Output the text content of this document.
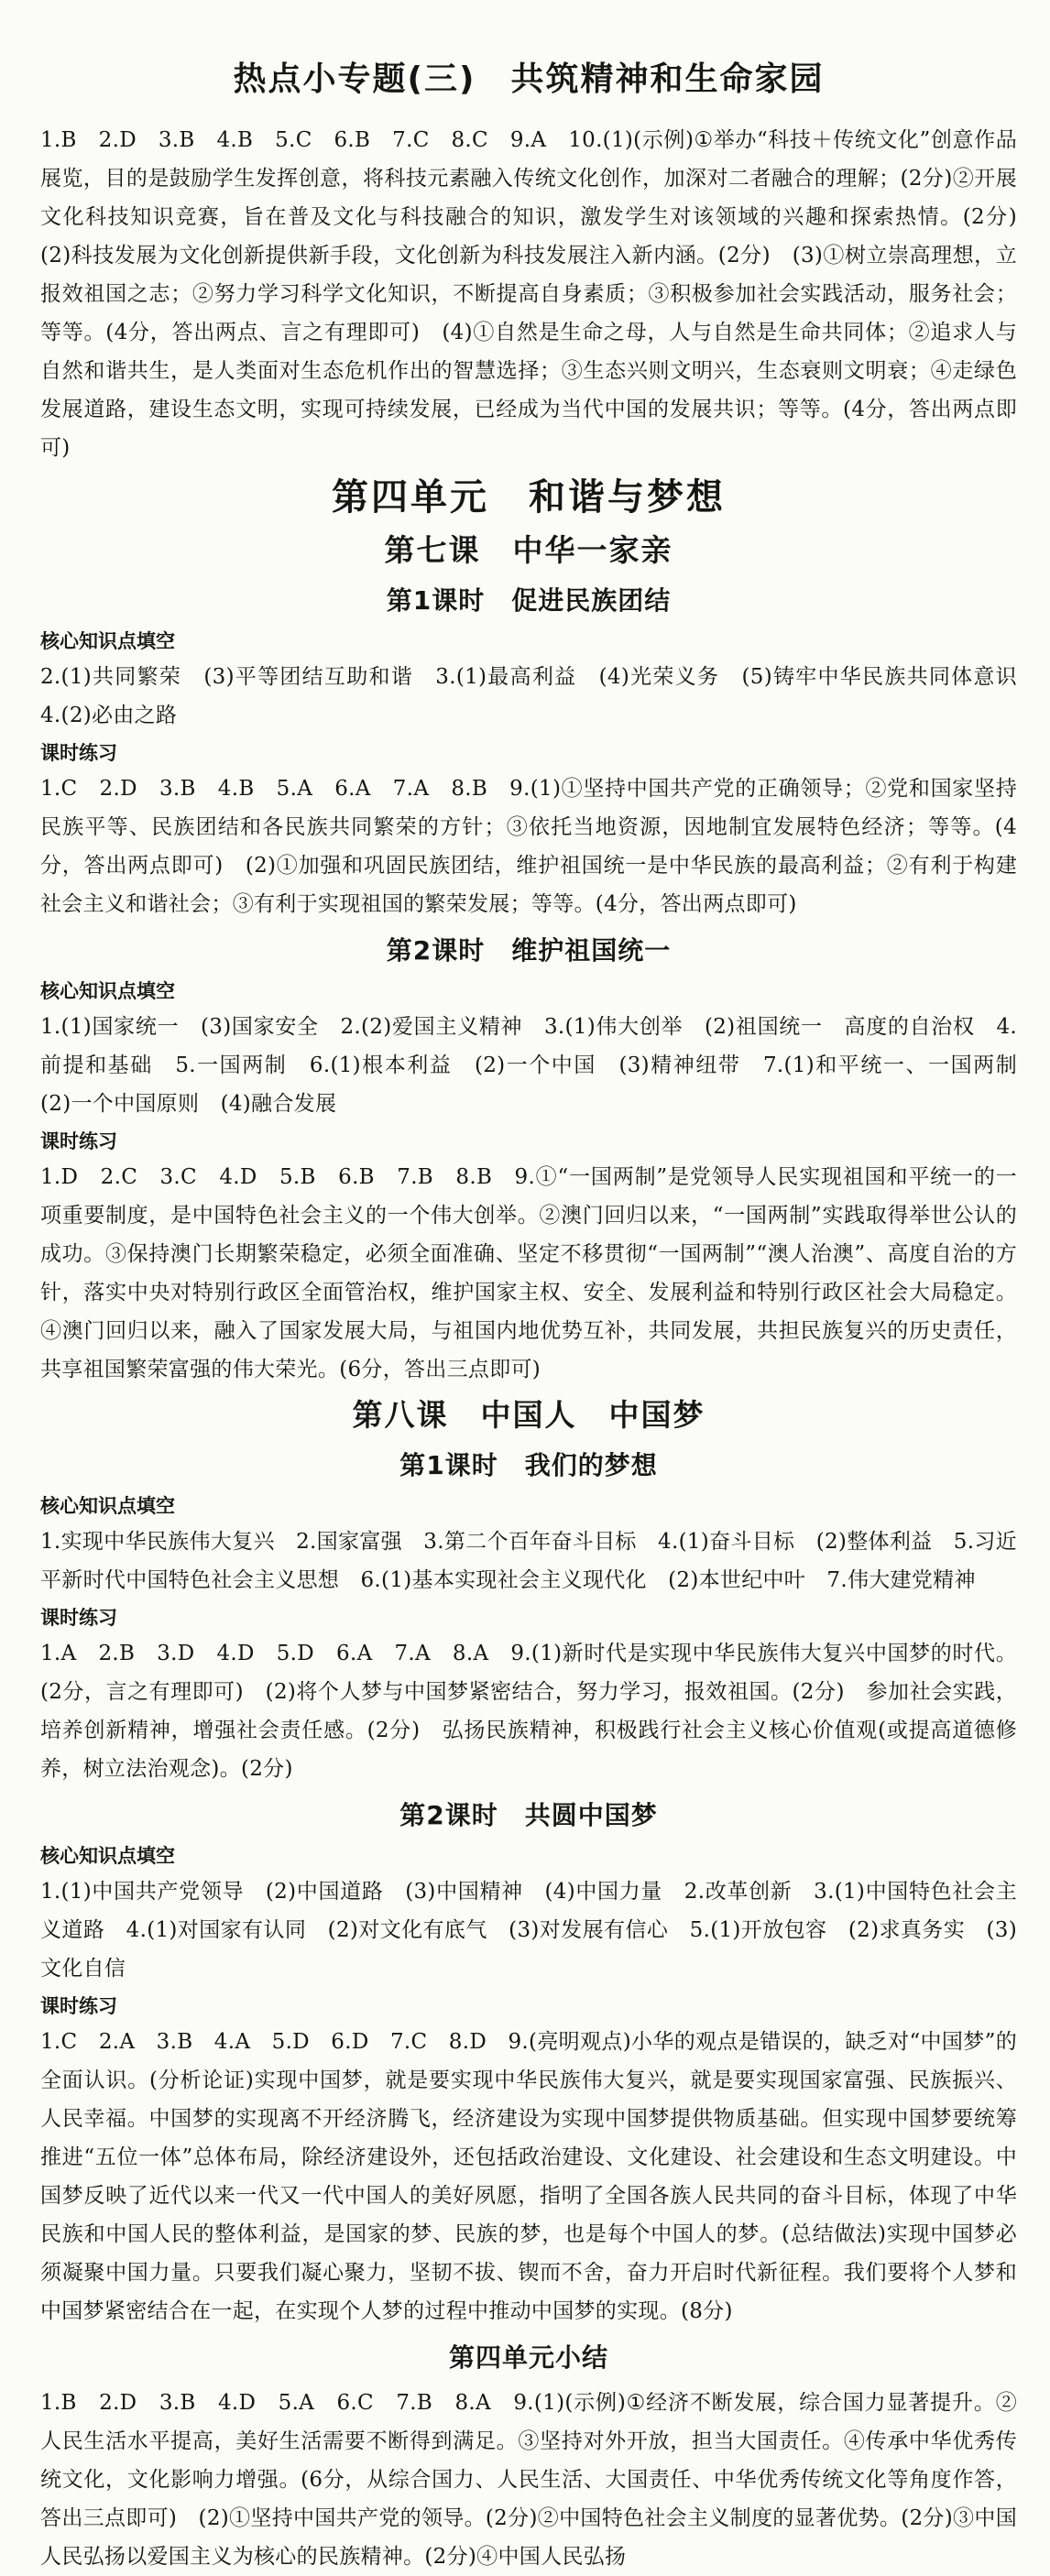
热点小专题(三)　共筑精神和生命家园

1.B　2.D　3.B　4.B　5.C　6.B　7.C　8.C　9.A　10.(1)(示例)①举办“科技＋传统文化”创意作品展览，目的是鼓励学生发挥创意，将科技元素融入传统文化创作，加深对二者融合的理解；(2分)②开展文化科技知识竞赛，旨在普及文化与科技融合的知识，激发学生对该领域的兴趣和探索热情。(2分)　(2)科技发展为文化创新提供新手段，文化创新为科技发展注入新内涵。(2分)　(3)①树立崇高理想，立报效祖国之志；②努力学习科学文化知识，不断提高自身素质；③积极参加社会实践活动，服务社会；等等。(4分，答出两点、言之有理即可)　(4)①自然是生命之母，人与自然是生命共同体；②追求人与自然和谐共生，是人类面对生态危机作出的智慧选择；③生态兴则文明兴，生态衰则文明衰；④走绿色发展道路，建设生态文明，实现可持续发展，已经成为当代中国的发展共识；等等。(4分，答出两点即可)

第四单元　和谐与梦想
第七课　中华一家亲
第1课时　促进民族团结
核心知识点填空

2.(1)共同繁荣　(3)平等团结互助和谐　3.(1)最高利益　(4)光荣义务　(5)铸牢中华民族共同体意识　4.(2)必由之路

课时练习

1.C　2.D　3.B　4.B　5.A　6.A　7.A　8.B　9.(1)①坚持中国共产党的正确领导；②党和国家坚持民族平等、民族团结和各民族共同繁荣的方针；③依托当地资源，因地制宜发展特色经济；等等。(4分，答出两点即可)　(2)①加强和巩固民族团结，维护祖国统一是中华民族的最高利益；②有利于构建社会主义和谐社会；③有利于实现祖国的繁荣发展；等等。(4分，答出两点即可)

第2课时　维护祖国统一
核心知识点填空

1.(1)国家统一　(3)国家安全　2.(2)爱国主义精神　3.(1)伟大创举　(2)祖国统一　高度的自治权　4.前提和基础　5.一国两制　6.(1)根本利益　(2)一个中国　(3)精神纽带　7.(1)和平统一、一国两制　(2)一个中国原则　(4)融合发展

课时练习

1.D　2.C　3.C　4.D　5.B　6.B　7.B　8.B　9.①“一国两制”是党领导人民实现祖国和平统一的一项重要制度，是中国特色社会主义的一个伟大创举。②澳门回归以来，“一国两制”实践取得举世公认的成功。③保持澳门长期繁荣稳定，必须全面准确、坚定不移贯彻“一国两制”“澳人治澳”、高度自治的方针，落实中央对特别行政区全面管治权，维护国家主权、安全、发展利益和特别行政区社会大局稳定。④澳门回归以来，融入了国家发展大局，与祖国内地优势互补，共同发展，共担民族复兴的历史责任，共享祖国繁荣富强的伟大荣光。(6分，答出三点即可)

第八课　中国人　中国梦
第1课时　我们的梦想
核心知识点填空

1.实现中华民族伟大复兴　2.国家富强　3.第二个百年奋斗目标　4.(1)奋斗目标　(2)整体利益　5.习近平新时代中国特色社会主义思想　6.(1)基本实现社会主义现代化　(2)本世纪中叶　7.伟大建党精神

课时练习

1.A　2.B　3.D　4.D　5.D　6.A　7.A　8.A　9.(1)新时代是实现中华民族伟大复兴中国梦的时代。(2分，言之有理即可)　(2)将个人梦与中国梦紧密结合，努力学习，报效祖国。(2分)　参加社会实践，培养创新精神，增强社会责任感。(2分)　弘扬民族精神，积极践行社会主义核心价值观(或提高道德修养，树立法治观念)。(2分)

第2课时　共圆中国梦
核心知识点填空

1.(1)中国共产党领导　(2)中国道路　(3)中国精神　(4)中国力量　2.改革创新　3.(1)中国特色社会主义道路　4.(1)对国家有认同　(2)对文化有底气　(3)对发展有信心　5.(1)开放包容　(2)求真务实　(3)文化自信

课时练习

1.C　2.A　3.B　4.A　5.D　6.D　7.C　8.D　9.(亮明观点)小华的观点是错误的，缺乏对“中国梦”的全面认识。(分析论证)实现中国梦，就是要实现中华民族伟大复兴，就是要实现国家富强、民族振兴、人民幸福。中国梦的实现离不开经济腾飞，经济建设为实现中国梦提供物质基础。但实现中国梦要统筹推进“五位一体”总体布局，除经济建设外，还包括政治建设、文化建设、社会建设和生态文明建设。中国梦反映了近代以来一代又一代中国人的美好夙愿，指明了全国各族人民共同的奋斗目标，体现了中华民族和中国人民的整体利益，是国家的梦、民族的梦，也是每个中国人的梦。(总结做法)实现中国梦必须凝聚中国力量。只要我们凝心聚力，坚韧不拔、锲而不舍，奋力开启时代新征程。我们要将个人梦和中国梦紧密结合在一起，在实现个人梦的过程中推动中国梦的实现。(8分)

第四单元小结

1.B　2.D　3.B　4.D　5.A　6.C　7.B　8.A　9.(1)(示例)①经济不断发展，综合国力显著提升。②人民生活水平提高，美好生活需要不断得到满足。③坚持对外开放，担当大国责任。④传承中华优秀传统文化，文化影响力增强。(6分，从综合国力、人民生活、大国责任、中华优秀传统文化等角度作答，答出三点即可)　(2)①坚持中国共产党的领导。(2分)②中国特色社会主义制度的显著优势。(2分)③中国人民弘扬以爱国主义为核心的民族精神。(2分)④中国人民弘扬
